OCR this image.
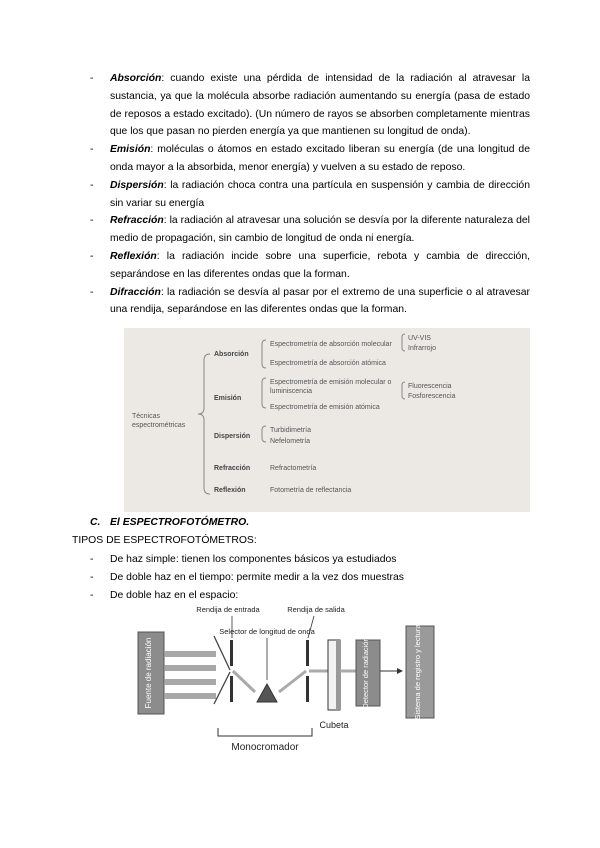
- Absorción: cuando existe una pérdida de intensidad de la radiación al atravesar la sustancia, ya que la molécula absorbe radiación aumentando su energía (pasa de estado de reposos a estado excitado). (Un número de rayos se absorben completamente mientras que los que pasan no pierden energía ya que mantienen su longitud de onda).
- Emisión: moléculas o átomos en estado excitado liberan su energía (de una longitud de onda mayor a la absorbida, menor energía) y vuelven a su estado de reposo.
- Dispersión: la radiación choca contra una partícula en suspensión y cambia de dirección sin variar su energía
- Refracción: la radiación al atravesar una solución se desvía por la diferente naturaleza del medio de propagación, sin cambio de longitud de onda ni energía.
- Reflexión: la radiación incide sobre una superficie, rebota y cambia de dirección, separándose en las diferentes ondas que la forman.
- Difracción: la radiación se desvía al pasar por el extremo de una superficie o al atravesar una rendija, separándose en las diferentes ondas que la forman.
Técnicas espectrométricas
Absorción
Emisión
Dispersión
Refracción
Reflexión
Espectrometría de absorción molecular
Espectrometría de absorción atómica
Espectrometría de emisión molecular o luminiscencia
Espectrometría de emisión atómica
Turbidimetría
Nefelometría
Refractometría
Fotometría de reflectancia
UV-VIS
Infrarrojo
Fluorescencia
Fosforescencia
C. El ESPECTROFOTÓMETRO.
TIPOS DE ESPECTROFOTÓMETROS:
- De haz simple: tienen los componentes básicos ya estudiados
- De doble haz en el tiempo: permite medir a la vez dos muestras
- De doble haz en el espacio:
Fuente de radiación
Rendija de entrada
Selector de longitud de onda
Rendija de salida
Cubeta
Detector de radiación	Sistema de registro y lectura
Monocromador
